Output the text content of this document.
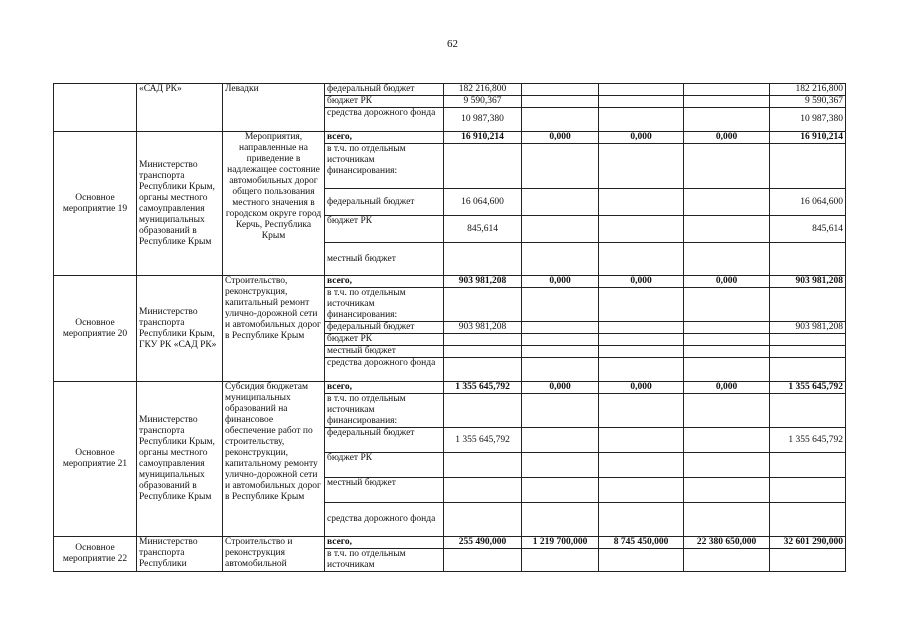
62
	«САД РК»	Левадки	федеральный бюджет	182 216,800				182 216,800
			бюджет РК	9 590,367				9 590,367
			средства дорожного фонда	10 987,380				10 987,380
Основное мероприятие 19	Министерство транспорта Республики Крым, органы местного самоуправления муниципальных образований в Республике Крым	Мероприятия, направленные на приведение в надлежащее состояние автомобильных дорог общего пользования местного значения в городском округе город Керчь, Республика Крым	всего,	16 910,214	0,000	0,000	0,000	16 910,214
			в т.ч. по отдельным источникам финансирования:					
			федеральный бюджет	16 064,600				16 064,600
			бюджет РК	845,614				845,614
			местный бюджет					
Основное мероприятие 20	Министерство транспорта Республики Крым, ГКУ РК «САД РК»	Строительство, реконструкция, капитальный ремонт улично-дорожной сети и автомобильных дорог в Республике Крым	всего,	903 981,208	0,000	0,000	0,000	903 981,208
			в т.ч. по отдельным источникам финансирования:					
			федеральный бюджет	903 981,208				903 981,208
			бюджет РК					
			местный бюджет					
			средства дорожного фонда					
Основное мероприятие 21	Министерство транспорта Республики Крым, органы местного самоуправления муниципальных образований в Республике Крым	Субсидия бюджетам муниципальных образований на финансовое обеспечение работ по строительству, реконструкции, капитальному ремонту улично-дорожной сети и автомобильных дорог в Республике Крым	всего,	1 355 645,792	0,000	0,000	0,000	1 355 645,792
			в т.ч. по отдельным источникам финансирования:					
			федеральный бюджет	1 355 645,792				1 355 645,792
			бюджет РК					
			местный бюджет					
			средства дорожного фонда					
Основное мероприятие 22	Министерство транспорта Республики	Строительство и реконструкция автомобильной	всего,	255 490,000	1 219 700,000	8 745 450,000	22 380 650,000	32 601 290,000
			в т.ч. по отдельным источникам					
